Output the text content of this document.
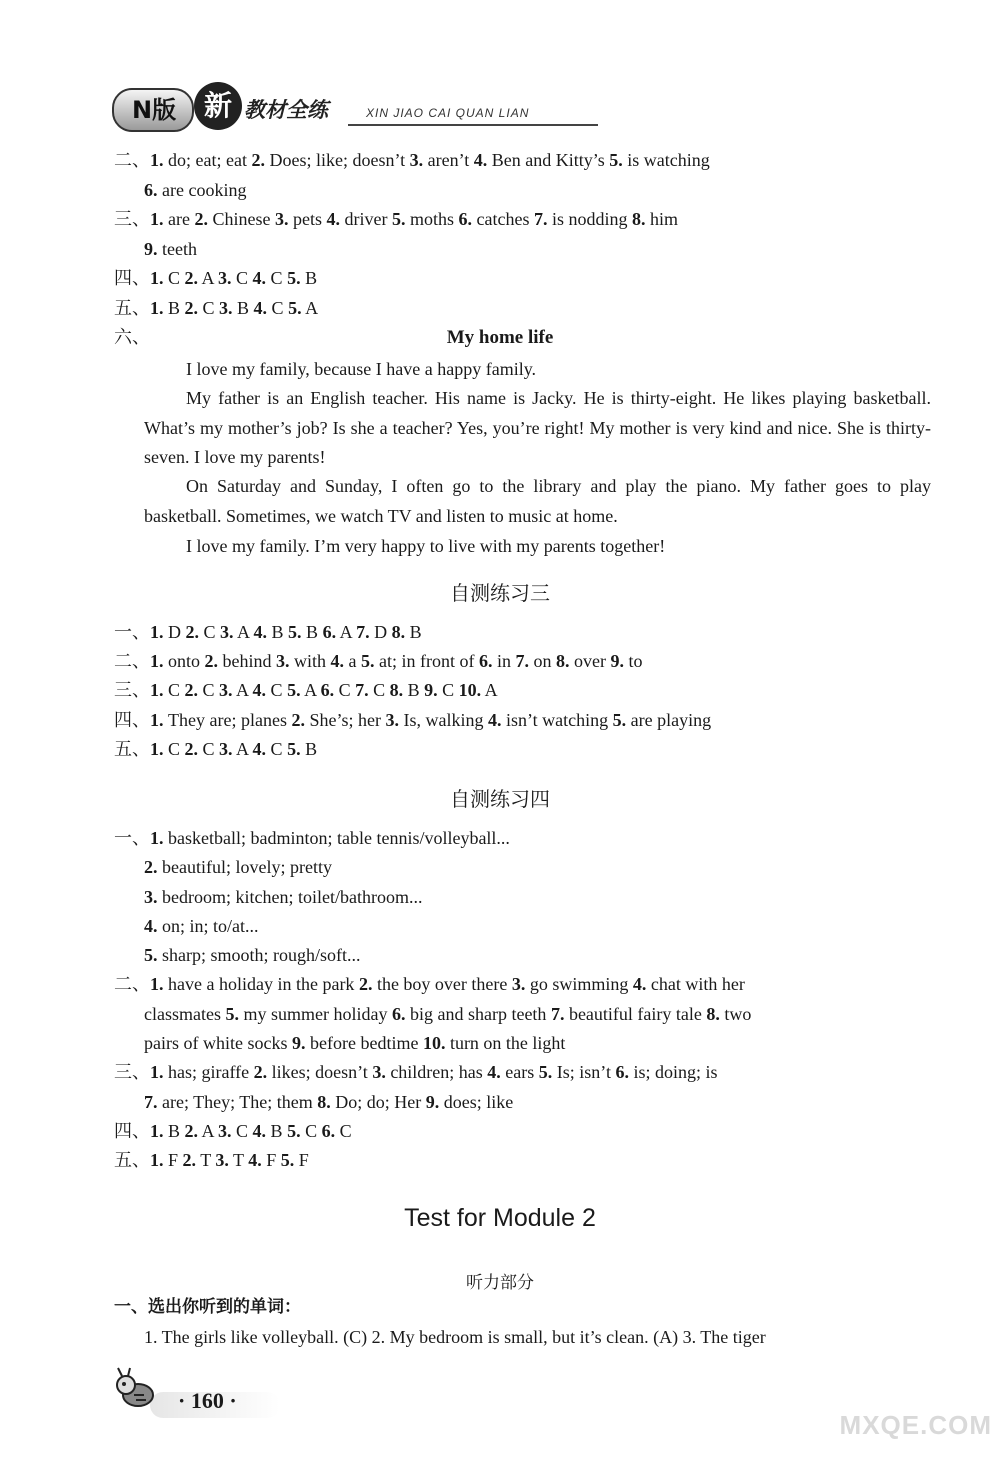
N版 新 教材全练	XIN JIAO CAI QUAN LIAN
二、1. do; eat; eat 2. Does; like; doesn’t 3. aren’t 4. Ben and Kitty’s 5. is watching
6. are cooking
三、1. are 2. Chinese 3. pets 4. driver 5. moths 6. catches 7. is nodding 8. him
9. teeth
四、1. C 2. A 3. C 4. C 5. B
五、1. B 2. C 3. B 4. C 5. A
六、	My home life
I love my family, because I have a happy family.
My father is an English teacher. His name is Jacky. He is thirty-eight. He likes playing basketball. What’s my mother’s job? Is she a teacher? Yes, you’re right! My mother is very kind and nice. She is thirty-seven. I love my parents!
On Saturday and Sunday, I often go to the library and play the piano. My father goes to play basketball. Sometimes, we watch TV and listen to music at home.
I love my family. I’m very happy to live with my parents together!
自测练习三
一、1. D 2. C 3. A 4. B 5. B 6. A 7. D 8. B
二、1. onto 2. behind 3. with 4. a 5. at; in front of 6. in 7. on 8. over 9. to
三、1. C 2. C 3. A 4. C 5. A 6. C 7. C 8. B 9. C 10. A
四、1. They are; planes 2. She’s; her 3. Is, walking 4. isn’t watching 5. are playing
五、1. C 2. C 3. A 4. C 5. B
自测练习四
一、1. basketball; badminton; table tennis/volleyball...
2. beautiful; lovely; pretty
3. bedroom; kitchen; toilet/bathroom...
4. on; in; to/at...
5. sharp; smooth; rough/soft...
二、1. have a holiday in the park 2. the boy over there 3. go swimming 4. chat with her
classmates 5. my summer holiday 6. big and sharp teeth 7. beautiful fairy tale 8. two
pairs of white socks 9. before bedtime 10. turn on the light
三、1. has; giraffe 2. likes; doesn’t 3. children; has 4. ears 5. Is; isn’t 6. is; doing; is
7. are; They; The; them 8. Do; do; Her 9. does; like
四、1. B 2. A 3. C 4. B 5. C 6. C
五、1. F 2. T 3. T 4. F 5. F
Test for Module 2
听力部分
一、选出你听到的单词：
1. The girls like volleyball. (C) 2. My bedroom is small, but it’s clean. (A) 3. The tiger
· 160 ·
MXQE.COM
